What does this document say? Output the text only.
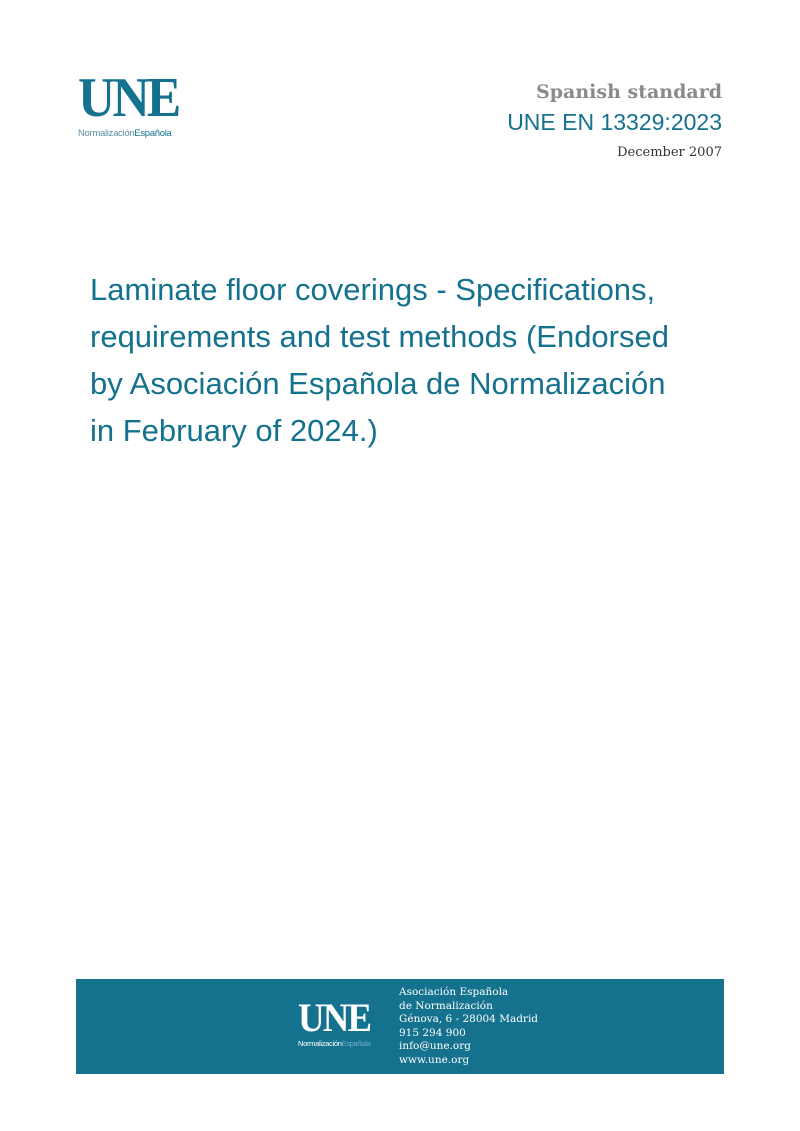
UNE
NormalizaciónEspañola
Spanish standard
UNE EN 13329:2023
December 2007
Laminate floor coverings - Specifications,
requirements and test methods (Endorsed
by Asociación Española de Normalización
in February of 2024.)
UNE
NormalizaciónEspañola
Asociación Española
de Normalización
Génova, 6 - 28004 Madrid
915 294 900
info@une.org
www.une.org
